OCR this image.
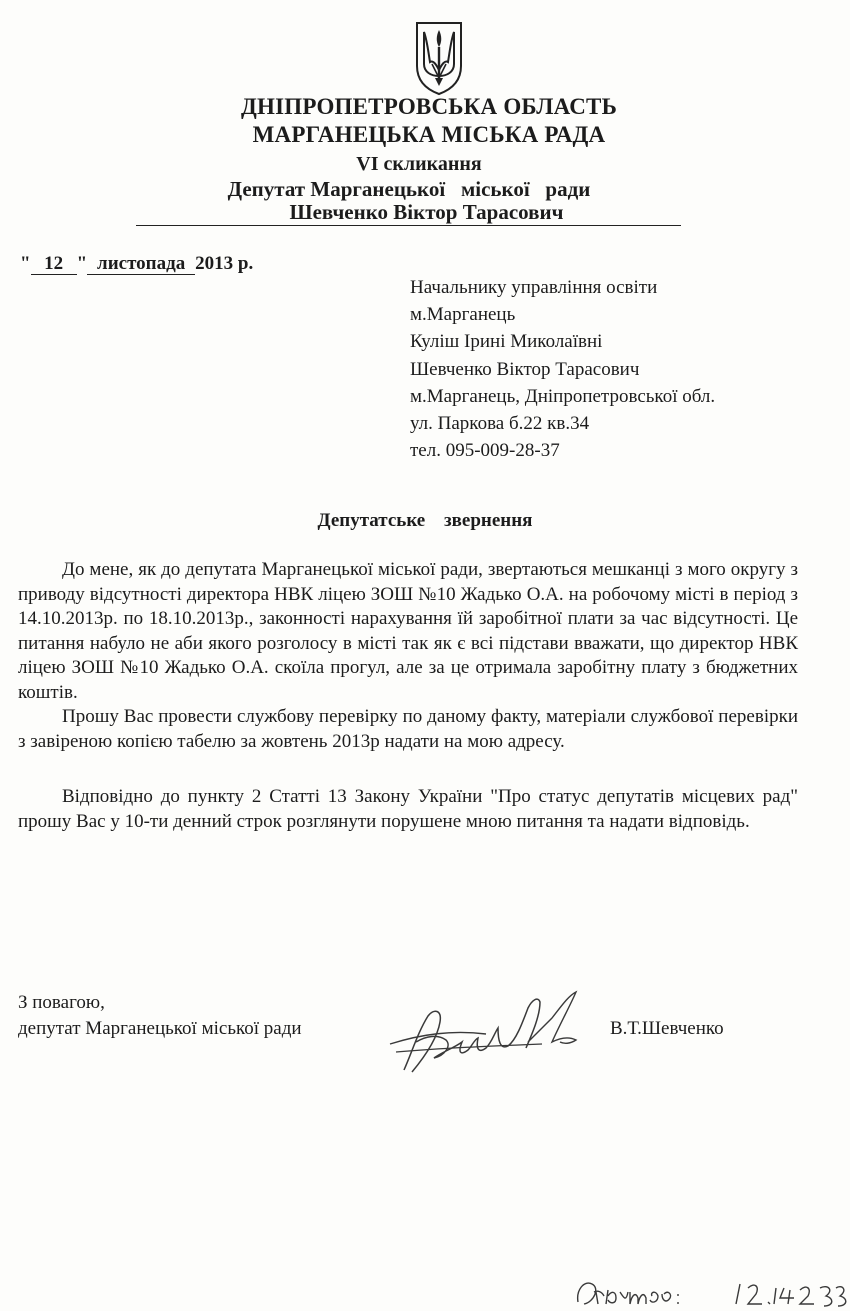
ДНІПРОПЕТРОВСЬКА ОБЛАСТЬ
МАРГАНЕЦЬКА МІСЬКА РАДА
VI скликання
Депутат Марганецької   міської   ради
Шевченко Віктор Тарасович
" 12 " листопада 2013 р.
Начальнику управління освіти
м.Марганець
Куліш Ірині Миколаївні
Шевченко Віктор Тарасович
м.Марганець, Дніпропетровської обл.
ул. Паркова б.22 кв.34
тел. 095-009-28-37
Депутатське звернення

До мене, як до депутата Марганецької міської ради, звертаються мешканці з мого округу з приводу відсутності директора НВК ліцею ЗОШ №10 Жадько О.А. на робочому місті в період з 14.10.2013р. по 18.10.2013р., законності нарахування їй заробітної плати за час відсутності. Це питання набуло не аби якого розголосу в місті так як є всі підстави вважати, що директор НВК ліцею ЗОШ №10 Жадько О.А. скоїла прогул, але за це отримала заробітну плату з бюджетних коштів.

Прошу Вас провести службову перевірку по даному факту, матеріали службової перевірки з завіреною копією табелю за жовтень 2013р надати на мою адресу.

Відповідно до пункту 2 Статті 13 Закону України "Про статус депутатів місцевих рад" прошу Вас у 10-ти денний строк розглянути порушене мною питання та надати відповідь.

З повагою,
депутат Марганецької міської ради	В.Т.Шевченко
